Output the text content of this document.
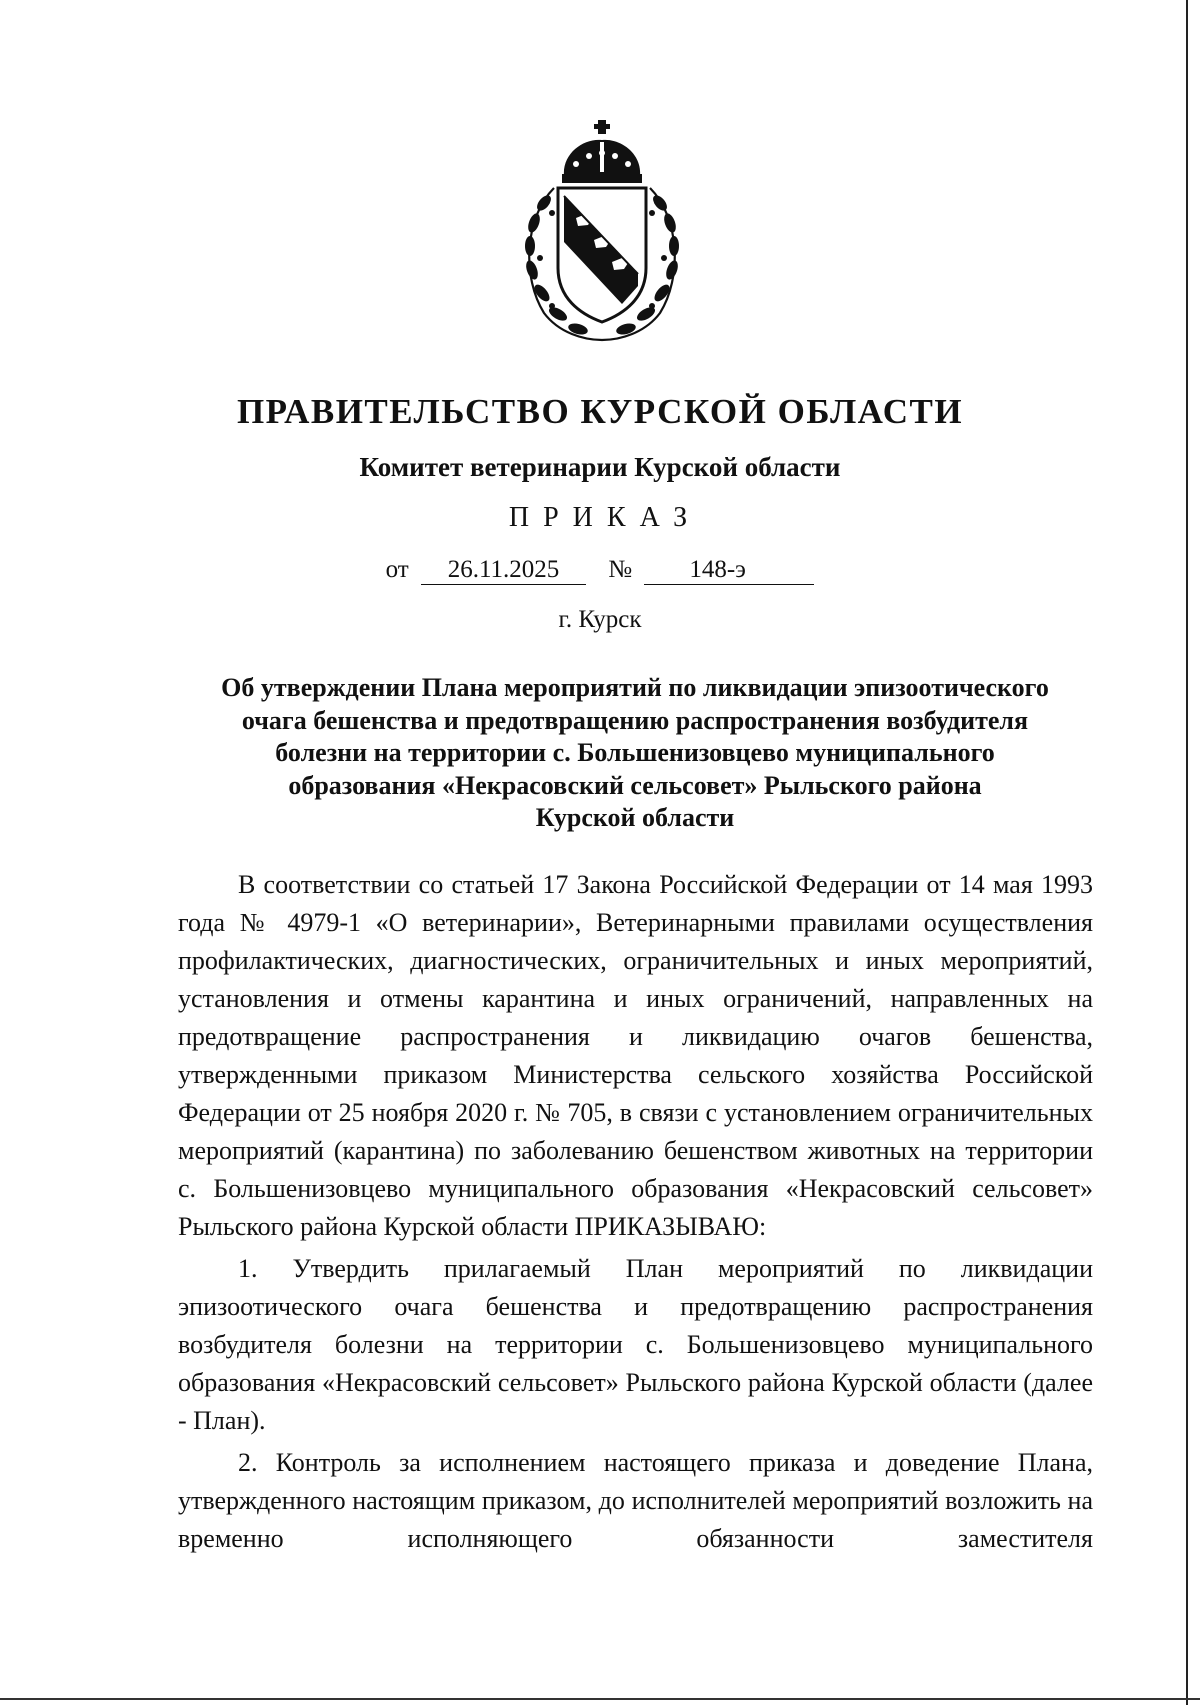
ПРАВИТЕЛЬСТВО КУРСКОЙ ОБЛАСТИ
Комитет ветеринарии Курской области
ПРИКАЗ
от 26.11.2025 № 148-э
г. Курск
Об утверждении Плана мероприятий по ликвидации эпизоотического
очага бешенства и предотвращению распространения возбудителя
болезни на территории с. Большенизовцево муниципального
образования «Некрасовский сельсовет» Рыльского района
Курской области

В соответствии со статьей 17 Закона Российской Федерации от 14 мая 1993 года № 4979-1 «О ветеринарии», Ветеринарными правилами осуществления профилактических, диагностических, ограничительных и иных мероприятий, установления и отмены карантина и иных ограничений, направленных на предотвращение распространения и ликвидацию очагов бешенства, утвержденными приказом Министерства сельского хозяйства Российской Федерации от 25 ноября 2020 г. № 705, в связи с установлением ограничительных мероприятий (карантина) по заболеванию бешенством животных на территории с. Большенизовцево муниципального образования «Некрасовский сельсовет» Рыльского района Курской области ПРИКАЗЫВАЮ:

1. Утвердить прилагаемый План мероприятий по ликвидации эпизоотического очага бешенства и предотвращению распространения возбудителя болезни на территории с. Большенизовцево муниципального образования «Некрасовский сельсовет» Рыльского района Курской области (далее - План).

2. Контроль за исполнением настоящего приказа и доведение Плана, утвержденного настоящим приказом, до исполнителей мероприятий возложить на временно исполняющего обязанности заместителя
